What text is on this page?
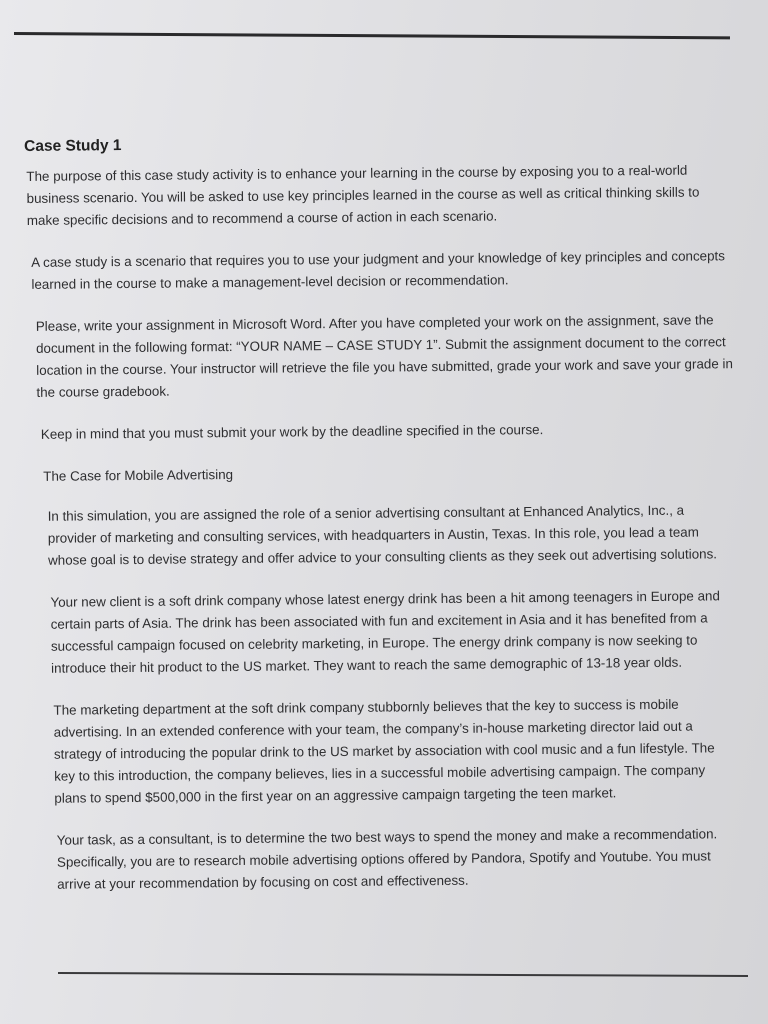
Case Study 1

The purpose of this case study activity is to enhance your learning in the course by exposing you to a real-world business scenario. You will be asked to use key principles learned in the course as well as critical thinking skills to make specific decisions and to recommend a course of action in each scenario.

A case study is a scenario that requires you to use your judgment and your knowledge of key principles and concepts learned in the course to make a management-level decision or recommendation.

Please, write your assignment in Microsoft Word. After you have completed your work on the assignment, save the document in the following format: “YOUR NAME – CASE STUDY 1”. Submit the assignment document to the correct location in the course. Your instructor will retrieve the file you have submitted, grade your work and save your grade in the course gradebook.

Keep in mind that you must submit your work by the deadline specified in the course.

The Case for Mobile Advertising

In this simulation, you are assigned the role of a senior advertising consultant at Enhanced Analytics, Inc., a provider of marketing and consulting services, with headquarters in Austin, Texas. In this role, you lead a team whose goal is to devise strategy and offer advice to your consulting clients as they seek out advertising solutions.

Your new client is a soft drink company whose latest energy drink has been a hit among teenagers in Europe and certain parts of Asia. The drink has been associated with fun and excitement in Asia and it has benefited from a successful campaign focused on celebrity marketing, in Europe. The energy drink company is now seeking to introduce their hit product to the US market. They want to reach the same demographic of 13-18 year olds.

The marketing department at the soft drink company stubbornly believes that the key to success is mobile advertising. In an extended conference with your team, the company’s in-house marketing director laid out a strategy of introducing the popular drink to the US market by association with cool music and a fun lifestyle. The key to this introduction, the company believes, lies in a successful mobile advertising campaign. The company plans to spend $500,000 in the first year on an aggressive campaign targeting the teen market.

Your task, as a consultant, is to determine the two best ways to spend the money and make a recommendation. Specifically, you are to research mobile advertising options offered by Pandora, Spotify and Youtube. You must arrive at your recommendation by focusing on cost and effectiveness.
